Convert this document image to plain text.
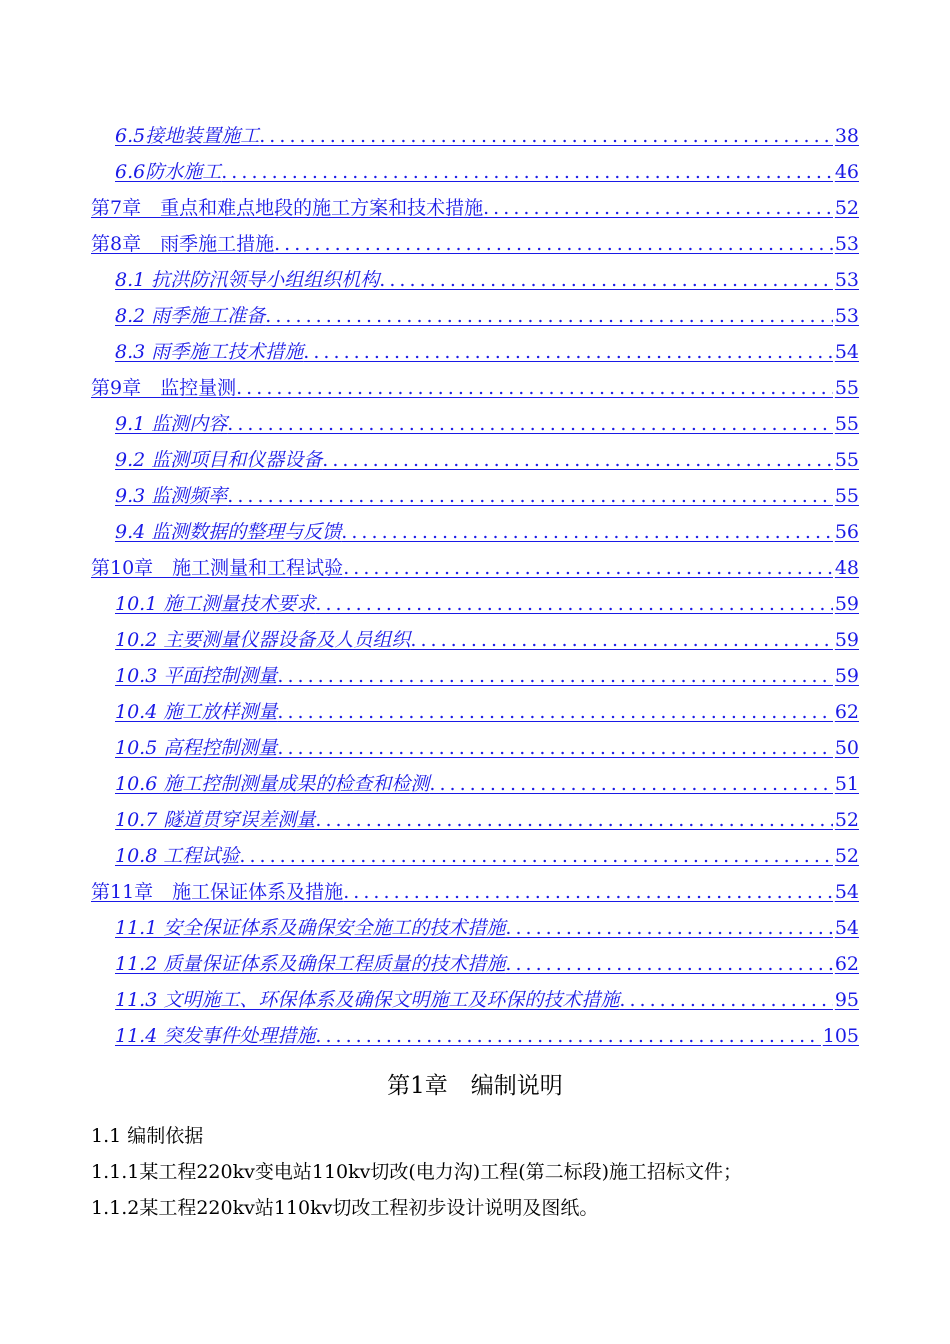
6.5接地装置施工 . . .	38
6.6防水施工 . . .	46
第7章　重点和难点地段的施工方案和技术措施 . . .	52
第8章　雨季施工措施 . . .	53
8.1 抗洪防汛领导小组组织机构 . . .	53
8.2 雨季施工准备 . . .	53
8.3 雨季施工技术措施 . . .	54
第9章　监控量测 . . .	55
9.1 监测内容 . . .	55
9.2 监测项目和仪器设备 . . .	55
9.3 监测频率 . . .	55
9.4 监测数据的整理与反馈 . . .	56
第10章　施工测量和工程试验 . . .	48
10.1 施工测量技术要求 . . .	59
10.2 主要测量仪器设备及人员组织 . . .	59
10.3 平面控制测量 . . .	59
10.4 施工放样测量 . . .	62
10.5 高程控制测量 . . .	50
10.6 施工控制测量成果的检查和检测 . . .	51
10.7 隧道贯穿误差测量 . . .	52
10.8 工程试验 . . .	52
第11章　施工保证体系及措施 . . .	54
11.1 安全保证体系及确保安全施工的技术措施 . . .	54
11.2 质量保证体系及确保工程质量的技术措施 . . .	62
11.3 文明施工、环保体系及确保文明施工及环保的技术措施 . . .	95
11.4 突发事件处理措施 . . .	105
第1章　编制说明
1.1 编制依据
1.1.1某工程220kv变电站110kv切改(电力沟)工程(第二标段)施工招标文件；
1.1.2某工程220kv站110kv切改工程初步设计说明及图纸。
